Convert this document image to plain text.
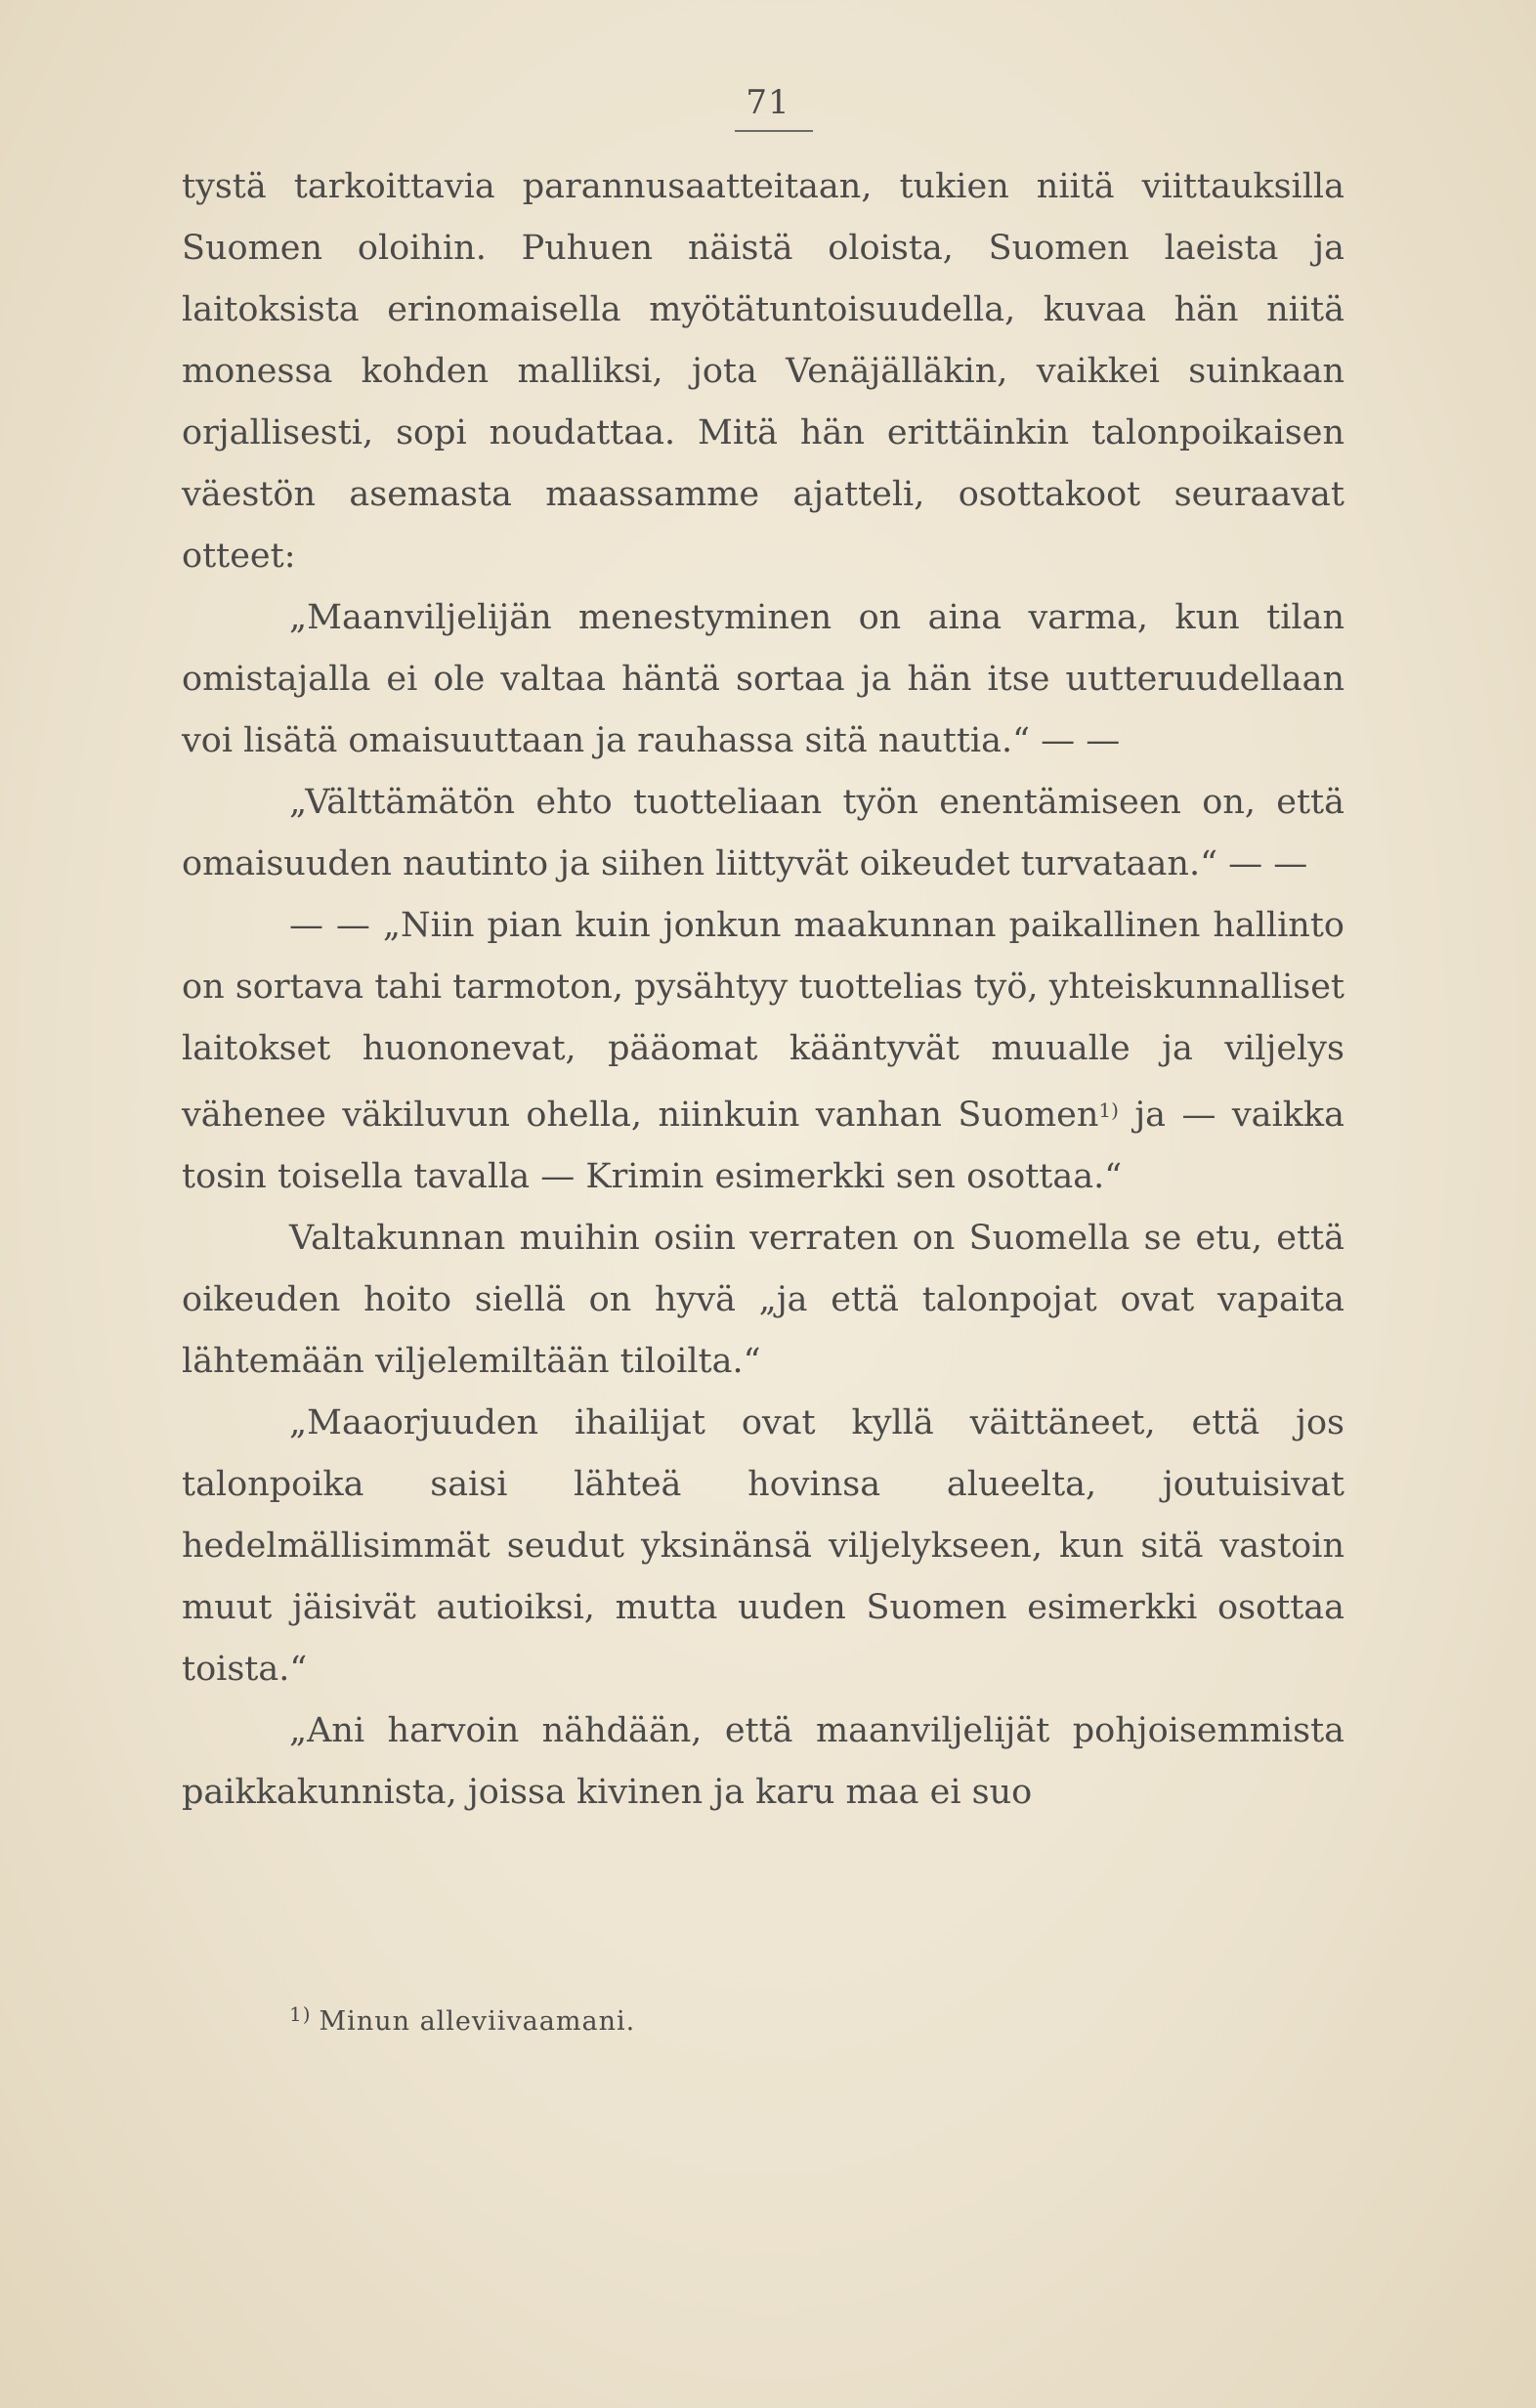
71

tystä tarkoittavia parannusaatteitaan, tukien niitä viittauksilla Suomen oloihin. Puhuen näistä oloista, Suomen laeista ja laitoksista erinomaisella myötätuntoisuudella, kuvaa hän niitä monessa kohden malliksi, jota Venäjälläkin, vaikkei suinkaan orjallisesti, sopi noudattaa. Mitä hän erittäinkin talonpoikaisen väestön asemasta maassamme ajatteli, osottakoot seuraavat otteet:

„Maanviljelijän menestyminen on aina varma, kun tilan omistajalla ei ole valtaa häntä sortaa ja hän itse uutteruudellaan voi lisätä omaisuuttaan ja rauhassa sitä nauttia.“ — —

„Välttämätön ehto tuotteliaan työn enentämiseen on, että omaisuuden nautinto ja siihen liittyvät oikeudet turvataan.“ — —

— — „Niin pian kuin jonkun maakunnan paikallinen hallinto on sortava tahi tarmoton, pysähtyy tuottelias työ, yhteiskunnalliset laitokset huononevat, pääomat kääntyvät muualle ja viljelys vähenee väkiluvun ohella, niinkuin vanhan Suomen$^{1)}$ ja — vaikka tosin toisella tavalla — Krimin esimerkki sen osottaa.“

Valtakunnan muihin osiin verraten on Suomella se etu, että oikeuden hoito siellä on hyvä „ja että talonpojat ovat vapaita lähtemään viljelemiltään tiloilta.“

„Maaorjuuden ihailijat ovat kyllä väittäneet, että jos talonpoika saisi lähteä hovinsa alueelta, joutuisivat hedelmällisimmät seudut yksinänsä viljelykseen, kun sitä vastoin muut jäisivät autioiksi, mutta uuden Suomen esimerkki osottaa toista.“

„Ani harvoin nähdään, että maanviljelijät pohjoisemmista paikkakunnista, joissa kivinen ja karu maa ei suo

$^{1)}$ Minun alleviivaamani.
